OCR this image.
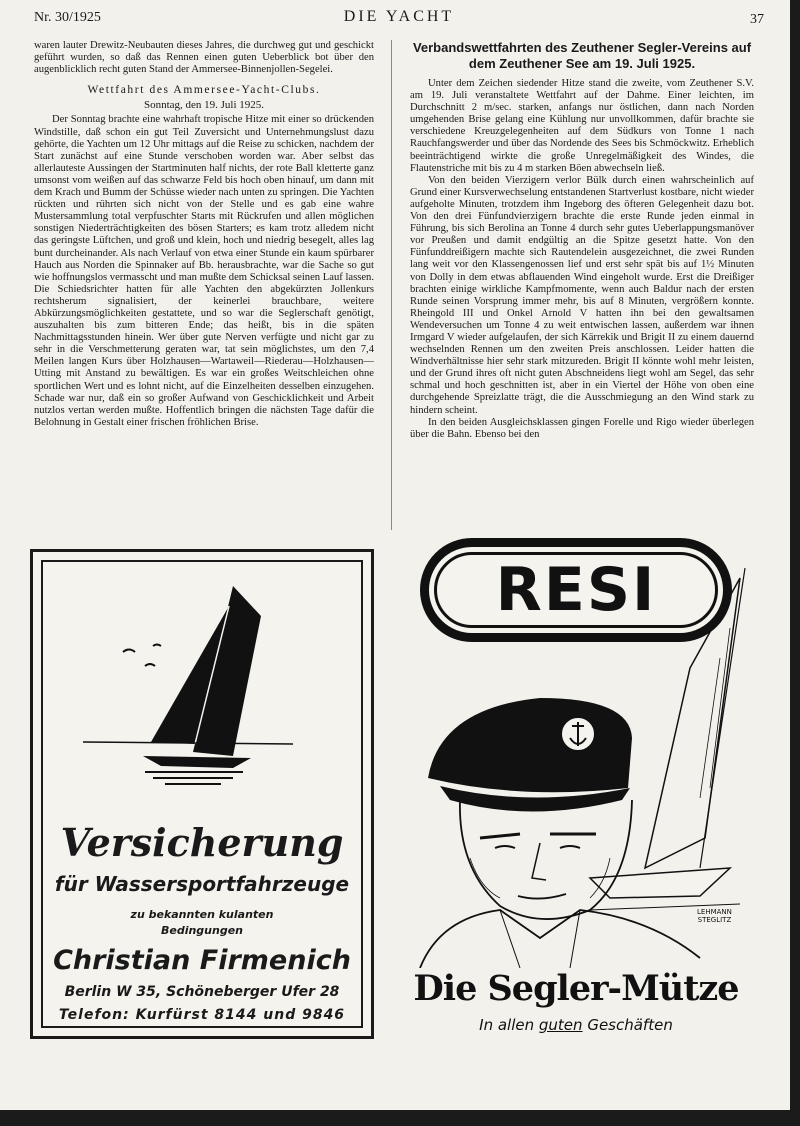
Nr. 30/1925	DIE YACHT	37

waren lauter Drewitz-Neubauten dieses Jahres, die durchweg gut und geschickt geführt wurden, so daß das Rennen einen guten Ueberblick bot über den augenblicklich recht guten Stand der Ammersee-Binnenjollen-Segelei.

Wettfahrt des Ammersee-Yacht-Clubs.
Sonntag, den 19. Juli 1925.

Der Sonntag brachte eine wahrhaft tropische Hitze mit einer so drückenden Windstille, daß schon ein gut Teil Zuversicht und Unternehmungslust dazu gehörte, die Yachten um 12 Uhr mittags auf die Reise zu schicken, nachdem der Start zunächst auf eine Stunde verschoben worden war. Aber selbst das allerlauteste Aussingen der Startminuten half nichts, der rote Ball kletterte ganz umsonst vom weißen auf das schwarze Feld bis hoch oben hinauf, um dann mit dem Krach und Bumm der Schüsse wieder nach unten zu springen. Die Yachten rückten und rührten sich nicht von der Stelle und es gab eine wahre Mustersammlung total verpfuschter Starts mit Rückrufen und allen möglichen sonstigen Niederträchtigkeiten des bösen Starters; es kam trotz alledem nicht das geringste Lüftchen, und groß und klein, hoch und niedrig besegelt, alles lag bunt durcheinander. Als nach Verlauf von etwa einer Stunde ein kaum spürbarer Hauch aus Norden die Spinnaker auf Bb. herausbrachte, war die Sache so gut wie hoffnungslos vermasscht und man mußte dem Schicksal seinen Lauf lassen. Die Schiedsrichter hatten für alle Yachten den abgekürzten Jollenkurs rechtsherum signalisiert, der keinerlei brauchbare, weitere Abkürzungsmöglichkeiten gestattete, und so war die Seglerschaft genötigt, auszuhalten bis zum bitteren Ende; das heißt, bis in die späten Nachmittagsstunden hinein. Wer über gute Nerven verfügte und nicht gar zu sehr in die Verschmetterung geraten war, tat sein möglichstes, um den 7,4 Meilen langen Kurs über Holzhausen—Wartaweil—Riederau—Holzhausen—Utting mit Anstand zu bewältigen. Es war ein großes Weitschleichen ohne sportlichen Wert und es lohnt nicht, auf die Einzelheiten desselben einzugehen. Schade war nur, daß ein so großer Aufwand von Geschicklichkeit und Arbeit nutzlos vertan werden mußte. Hoffentlich bringen die nächsten Tage dafür die Belohnung in Gestalt einer frischen fröhlichen Brise.

Verbandswettfahrten des Zeuthener Segler-Vereins auf dem Zeuthener See am 19. Juli 1925.

Unter dem Zeichen siedender Hitze stand die zweite, vom Zeuthener S.V. am 19. Juli veranstaltete Wettfahrt auf der Dahme. Einer leichten, im Durchschnitt 2 m/sec. starken, anfangs nur östlichen, dann nach Norden umgehenden Brise gelang eine Kühlung nur unvollkommen, dafür brachte sie verschiedene Kreuzgelegenheiten auf dem Südkurs von Tonne 1 nach Rauchfangswerder und über das Nordende des Sees bis Schmöckwitz. Erheblich beeinträchtigend wirkte die große Unregelmäßigkeit des Windes, die Flautenstriche mit bis zu 4 m starken Böen abwechseln ließ.

Von den beiden Vierzigern verlor Bülk durch einen wahrscheinlich auf Grund einer Kursverwechselung entstandenen Startverlust kostbare, nicht wieder aufgeholte Minuten, trotzdem ihm Ingeborg des öfteren Gelegenheit dazu bot. Von den drei Fünfundvierzigern brachte die erste Runde jeden einmal in Führung, bis sich Berolina an Tonne 4 durch sehr gutes Ueberlappungsmanöver vor Preußen und damit endgültig an die Spitze gesetzt hatte. Von den Fünfunddreißigern machte sich Rautendelein ausgezeichnet, die zwei Runden lang weit vor den Klassengenossen lief und erst sehr spät bis auf 1½ Minuten von Dolly in dem etwas abflauenden Wind eingeholt wurde. Erst die Dreißiger brachten einige wirkliche Kampfmomente, wenn auch Baldur nach der ersten Runde seinen Vorsprung immer mehr, bis auf 8 Minuten, vergrößern konnte. Rheingold III und Onkel Arnold V hatten ihn bei den gewaltsamen Wendeversuchen um Tonne 4 zu weit entwischen lassen, außerdem war ihnen Irmgard V wieder aufgelaufen, der sich Kärrekik und Brigit II zu einem dauernd wechselnden Rennen um den zweiten Preis anschlossen. Leider hatten die Windverhältnisse hier sehr stark mitzureden. Brigit II könnte wohl mehr leisten, und der Grund ihres oft nicht guten Abschneidens liegt wohl am Segel, das sehr schmal und hoch geschnitten ist, aber in ein Viertel der Höhe von oben eine durchgehende Spreizlatte trägt, die die Ausschmiegung an den Wind stark zu hindern scheint.

In den beiden Ausgleichsklassen gingen Forelle und Rigo wieder überlegen über die Bahn. Ebenso bei den

Versicherung
für Wassersportfahrzeuge
zu bekannten kulanten
Bedingungen
Christian Firmenich
Berlin W 35, Schöneberger Ufer 28
Telefon: Kurfürst 8144 und 9846
RESI
LEHMANN
STEGLITZ
Die Segler-Mütze
In allen guten Geschäften
